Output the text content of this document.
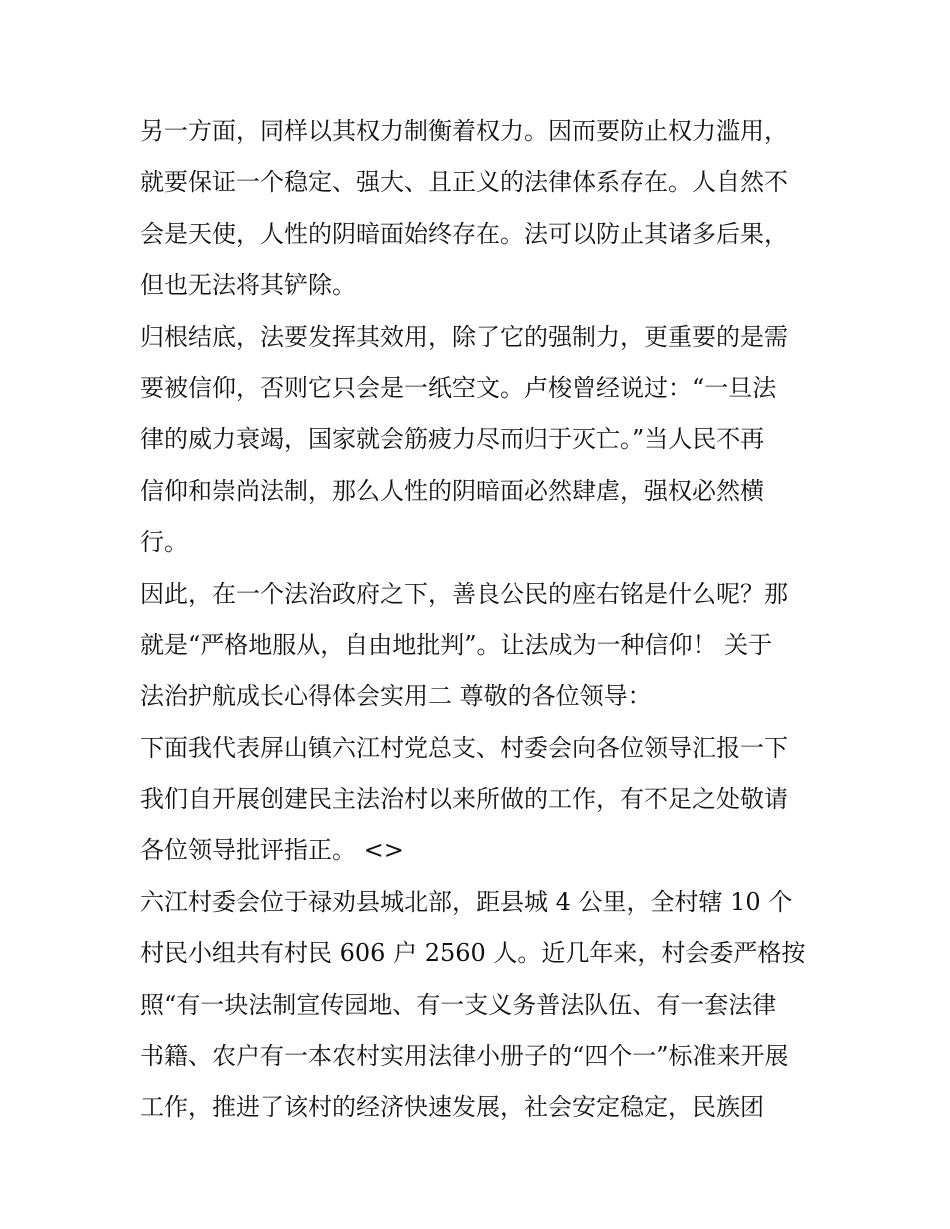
另一方面，同样以其权力制衡着权力。因而要防止权力滥用，
就要保证一个稳定、强大、且正义的法律体系存在。人自然不
会是天使，人性的阴暗面始终存在。法可以防止其诸多后果，
但也无法将其铲除。
归根结底，法要发挥其效用，除了它的强制力，更重要的是需
要被信仰，否则它只会是一纸空文。卢梭曾经说过：“一旦法
律的威力衰竭，国家就会筋疲力尽而归于灭亡。”当人民不再
信仰和崇尚法制，那么人性的阴暗面必然肆虐，强权必然横
行。
因此，在一个法治政府之下，善良公民的座右铭是什么呢？那
就是“严格地服从，自由地批判”。让法成为一种信仰！ 关于
法治护航成长心得体会实用二 尊敬的各位领导：
下面我代表屏山镇六江村党总支、村委会向各位领导汇报一下
我们自开展创建民主法治村以来所做的工作，有不足之处敬请
各位领导批评指正。 <>
六江村委会位于禄劝县城北部，距县城 4 公里，全村辖 10 个
村民小组共有村民 606 户 2560 人。近几年来，村会委严格按
照“有一块法制宣传园地、有一支义务普法队伍、有一套法律
书籍、农户有一本农村实用法律小册子的“四个一”标准来开展
工作，推进了该村的经济快速发展，社会安定稳定，民族团
